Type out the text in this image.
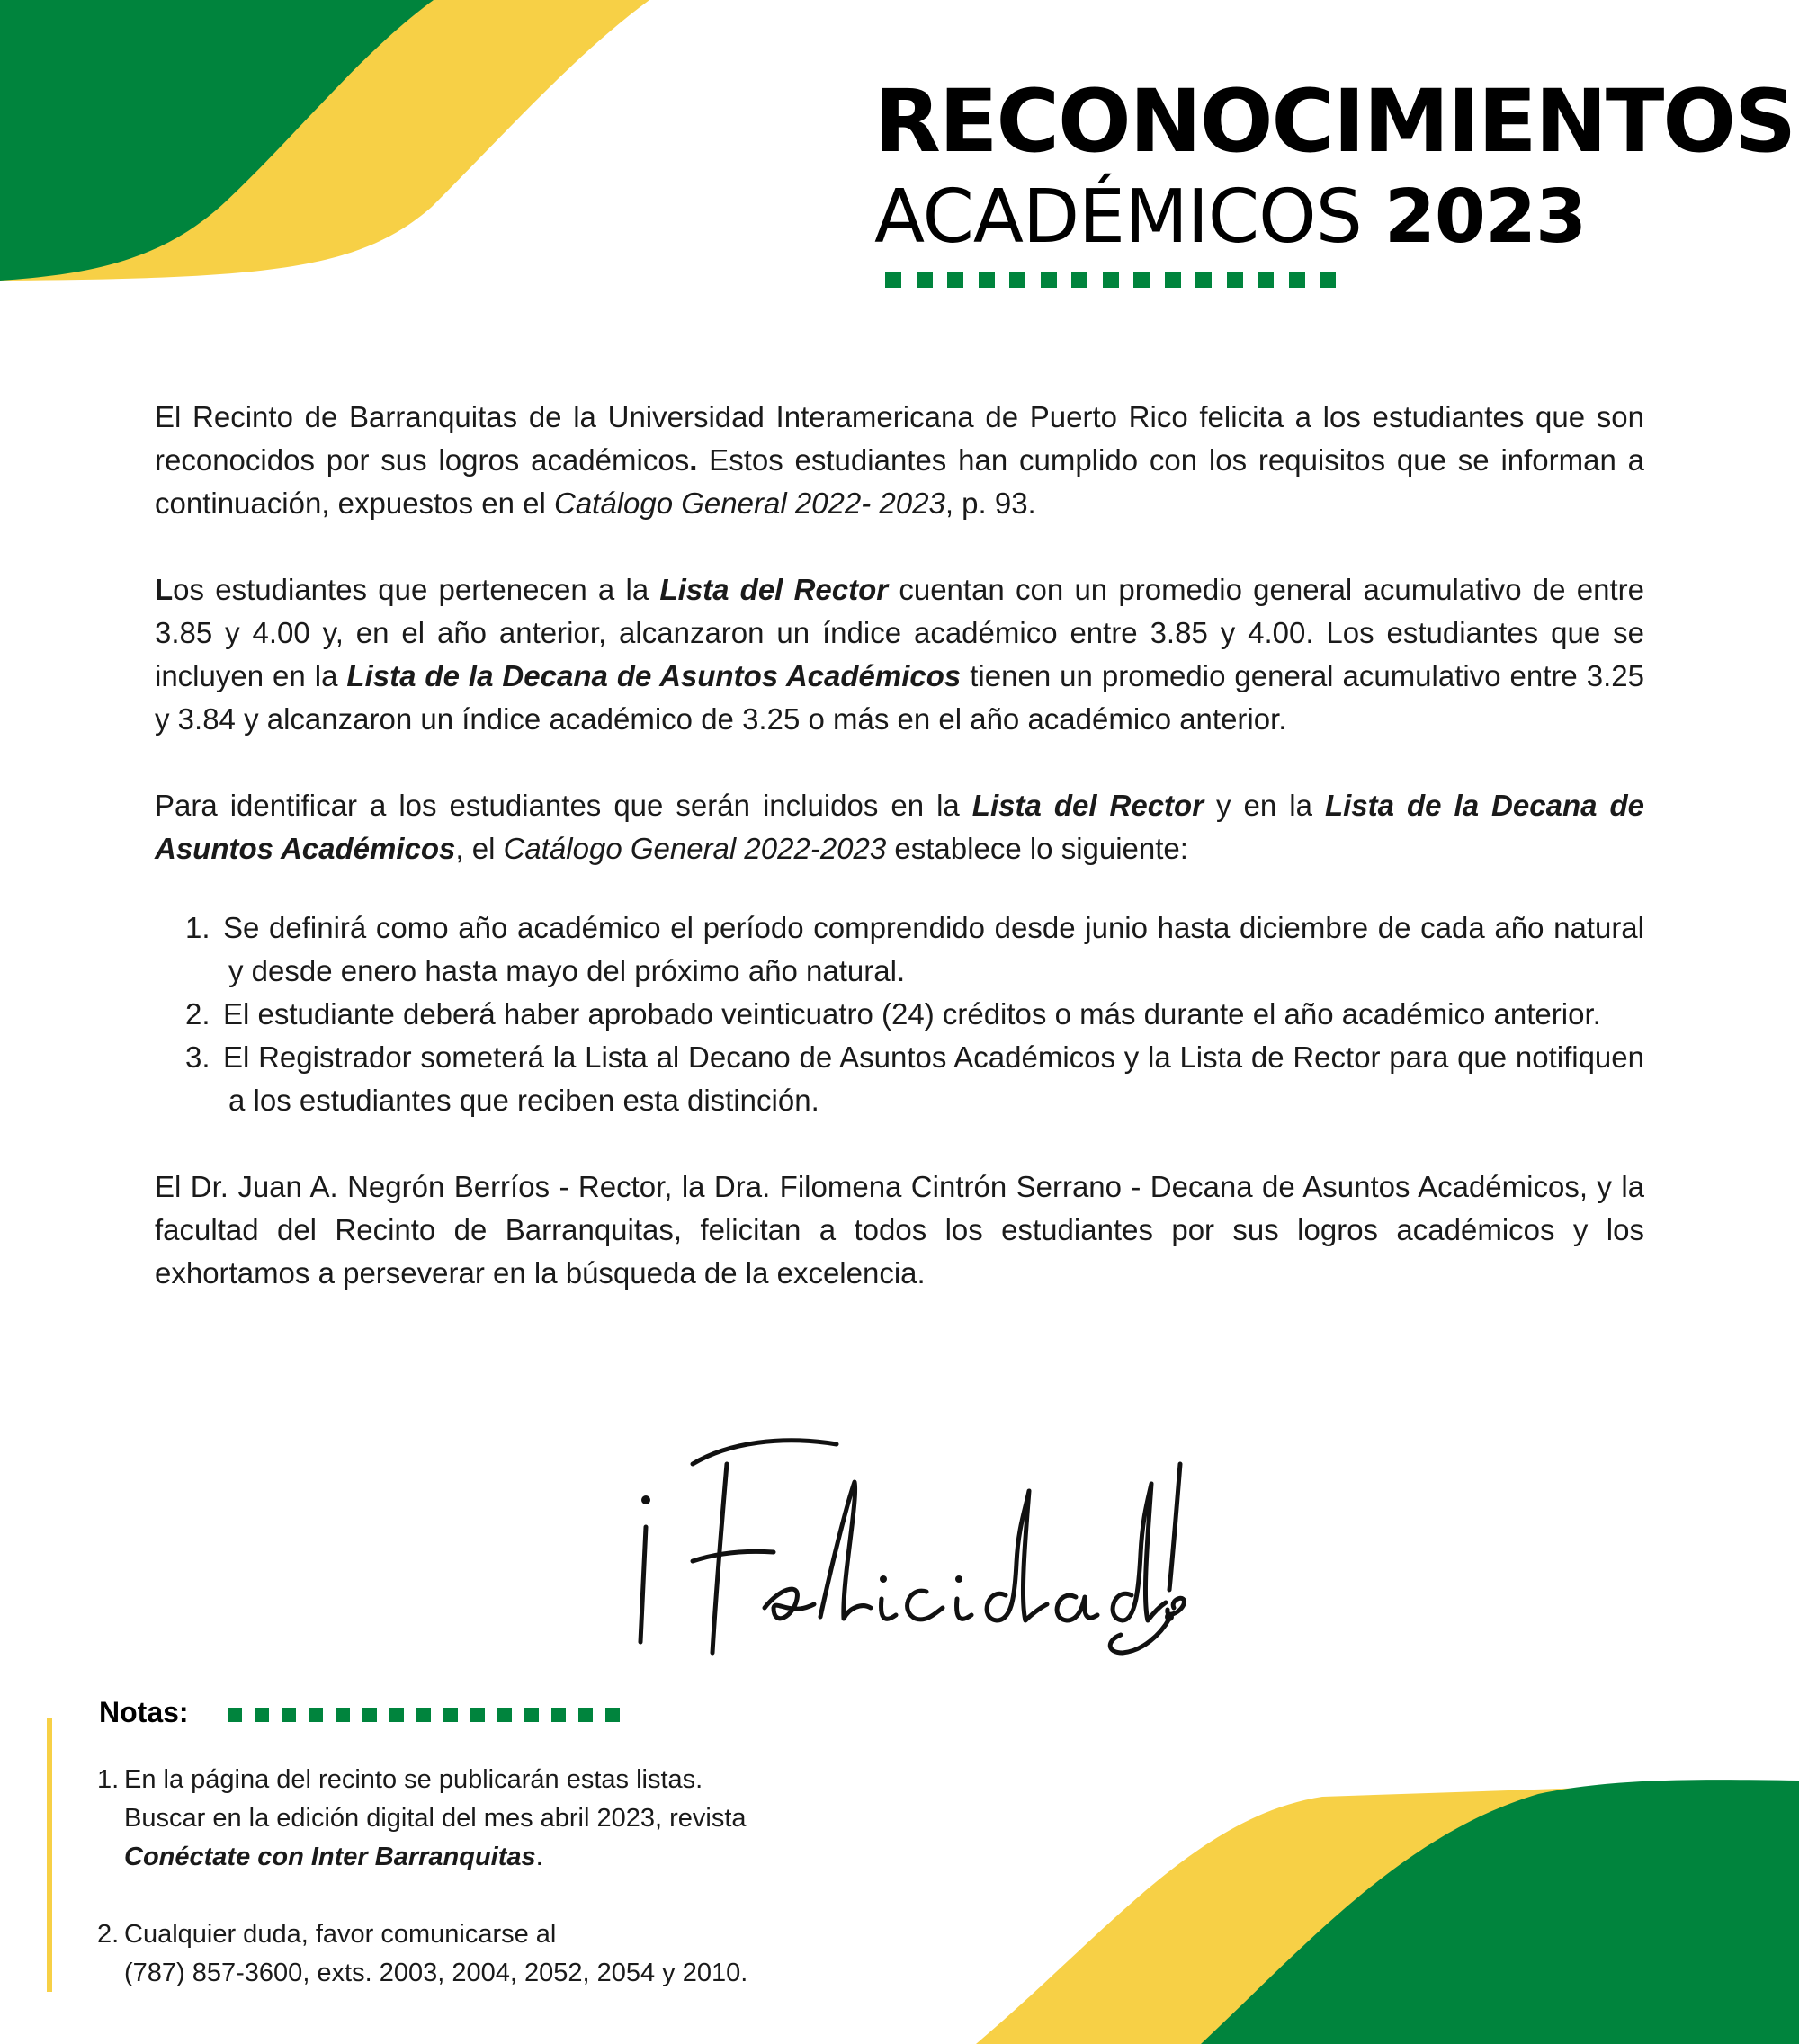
RECONOCIMIENTOS
ACADÉMICOS 2023

El Recinto de Barranquitas de la Universidad Interamericana de Puerto Rico felicita a los estudiantes que son reconocidos por sus logros académicos. Estos estudiantes han cumplido con los requisitos que se informan a continuación, expuestos en el Catálogo General 2022- 2023, p. 93.

Los estudiantes que pertenecen a la Lista del Rector cuentan con un promedio general acumulativo de entre 3.85 y 4.00 y, en el año anterior, alcanzaron un índice académico entre 3.85 y 4.00. Los estudiantes que se incluyen en la Lista de la Decana de Asuntos Académicos tienen un promedio general acumulativo entre 3.25 y 3.84 y alcanzaron un índice académico de 3.25 o más en el año académico anterior.

Para identificar a los estudiantes que serán incluidos en la Lista del Rector y en la Lista de la Decana de Asuntos Académicos, el Catálogo General 2022-2023 establece lo siguiente:

1. Se definirá como año académico el período comprendido desde junio hasta diciembre de cada año natural y desde enero hasta mayo del próximo año natural.
2. El estudiante deberá haber aprobado veinticuatro (24) créditos o más durante el año académico anterior.
3. El Registrador someterá la Lista al Decano de Asuntos Académicos y la Lista de Rector para que notifiquen a los estudiantes que reciben esta distinción.

El Dr. Juan A. Negrón Berríos - Rector, la Dra. Filomena Cintrón Serrano - Decana de Asuntos Académicos, y la facultad del Recinto de Barranquitas, felicitan a todos los estudiantes por sus logros académicos y los exhortamos a perseverar en la búsqueda de la excelencia.

Notas:
1. En la página del recinto se publicarán estas listas.
Buscar en la edición digital del mes abril 2023, revista
Conéctate con Inter Barranquitas.
2. Cualquier duda, favor comunicarse al
(787) 857-3600, exts. 2003, 2004, 2052, 2054 y 2010.
